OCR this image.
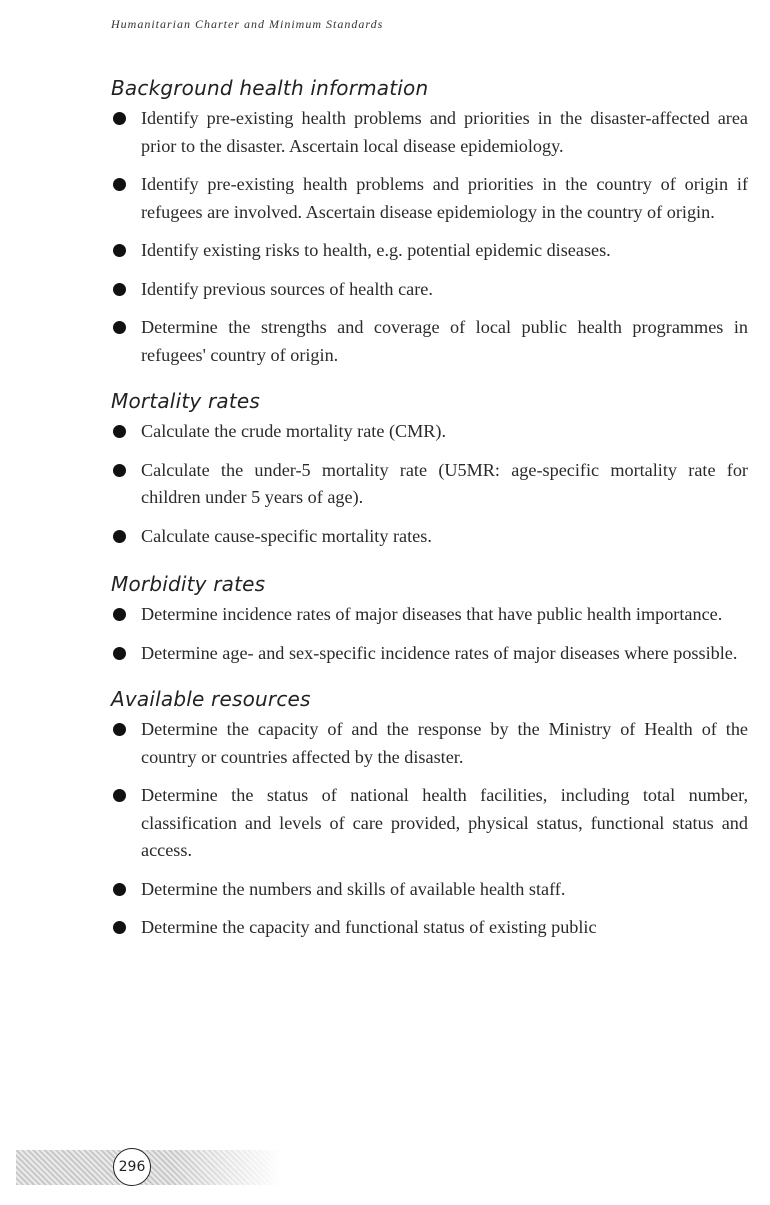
Humanitarian Charter and Minimum Standards
Background health information
Identify pre-existing health problems and priorities in the disaster-affected area prior to the disaster. Ascertain local disease epidemiology.
Identify pre-existing health problems and priorities in the country of origin if refugees are involved. Ascertain disease epidemiology in the country of origin.
Identify existing risks to health, e.g. potential epidemic diseases.
Identify previous sources of health care.
Determine the strengths and coverage of local public health programmes in refugees' country of origin.
Mortality rates
Calculate the crude mortality rate (CMR).
Calculate the under-5 mortality rate (U5MR: age-specific mortality rate for children under 5 years of age).
Calculate cause-specific mortality rates.
Morbidity rates
Determine incidence rates of major diseases that have public health importance.
Determine age- and sex-specific incidence rates of major diseases where possible.
Available resources
Determine the capacity of and the response by the Ministry of Health of the country or countries affected by the disaster.
Determine the status of national health facilities, including total number, classification and levels of care provided, physical status, functional status and access.
Determine the numbers and skills of available health staff.
Determine the capacity and functional status of existing public
296
